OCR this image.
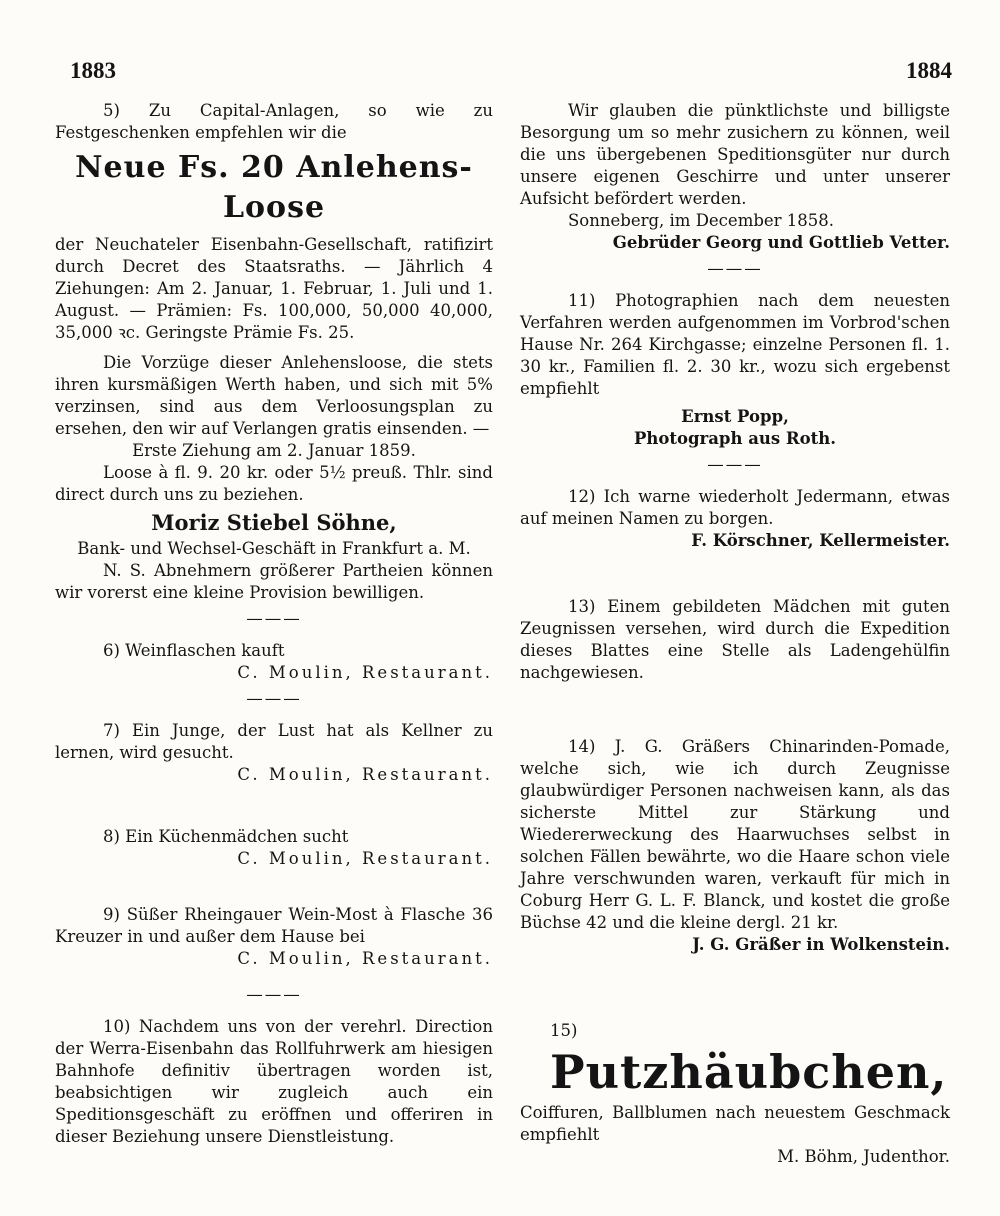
1883	1884

5) Zu Capital-Anlagen, so wie zu Festgeschenken empfehlen wir die

Neue Fs. 20 Anlehens-Loose

der Neuchateler Eisenbahn-Gesellschaft, ratifizirt durch Decret des Staatsraths. — Jährlich 4 Ziehungen: Am 2. Januar, 1. Februar, 1. Juli und 1. August. — Prämien: Fs. 100,000, 50,000 40,000, 35,000 ꝛc. Geringste Prämie Fs. 25.

Die Vorzüge dieser Anlehensloose, die stets ihren kursmäßigen Werth haben, und sich mit 5% verzinsen, sind aus dem Verloosungsplan zu ersehen, den wir auf Verlangen gratis einsenden. —

Erste Ziehung am 2. Januar 1859.

Loose à fl. 9. 20 kr. oder 5½ preuß. Thlr. sind direct durch uns zu beziehen.

Moriz Stiebel Söhne,

Bank- und Wechsel-Geschäft in Frankfurt a. M.

N. S. Abnehmern größerer Partheien können wir vorerst eine kleine Provision bewilligen.

———

6) Weinflaschen kauft

C. Moulin, Restaurant.

———

7) Ein Junge, der Lust hat als Kellner zu lernen, wird gesucht.

C. Moulin, Restaurant.

8) Ein Küchenmädchen sucht

C. Moulin, Restaurant.

9) Süßer Rheingauer Wein-Most à Flasche 36 Kreuzer in und außer dem Hause bei

C. Moulin, Restaurant.

———

10) Nachdem uns von der verehrl. Direction der Werra-Eisenbahn das Rollfuhrwerk am hiesigen Bahnhofe definitiv übertragen worden ist, beabsichtigen wir zugleich auch ein Speditionsgeschäft zu eröffnen und offeriren in dieser Beziehung unsere Dienstleistung.

Wir glauben die pünktlichste und billigste Besorgung um so mehr zusichern zu können, weil die uns übergebenen Speditionsgüter nur durch unsere eigenen Geschirre und unter unserer Aufsicht befördert werden.

Sonneberg, im December 1858.

Gebrüder Georg und Gottlieb Vetter.

———

11) Photographien nach dem neuesten Verfahren werden aufgenommen im Vorbrod'schen Hause Nr. 264 Kirchgasse; einzelne Personen fl. 1. 30 kr., Familien fl. 2. 30 kr., wozu sich ergebenst empfiehlt

Ernst Popp,

Photograph aus Roth.

———

12) Ich warne wiederholt Jedermann, etwas auf meinen Namen zu borgen.

F. Körschner, Kellermeister.

13) Einem gebildeten Mädchen mit guten Zeugnissen versehen, wird durch die Expedition dieses Blattes eine Stelle als Ladengehülfin nachgewiesen.

14) J. G. Gräßers Chinarinden-Pomade, welche sich, wie ich durch Zeugnisse glaubwürdiger Personen nachweisen kann, als das sicherste Mittel zur Stärkung und Wiedererweckung des Haarwuchses selbst in solchen Fällen bewährte, wo die Haare schon viele Jahre verschwunden waren, verkauft für mich in Coburg Herr G. L. F. Blanck, und kostet die große Büchse 42 und die kleine dergl. 21 kr.

J. G. Gräßer in Wolkenstein.

15) Putzhäubchen,

Coiffuren, Ballblumen nach neuestem Geschmack empfiehlt

M. Böhm, Judenthor.
